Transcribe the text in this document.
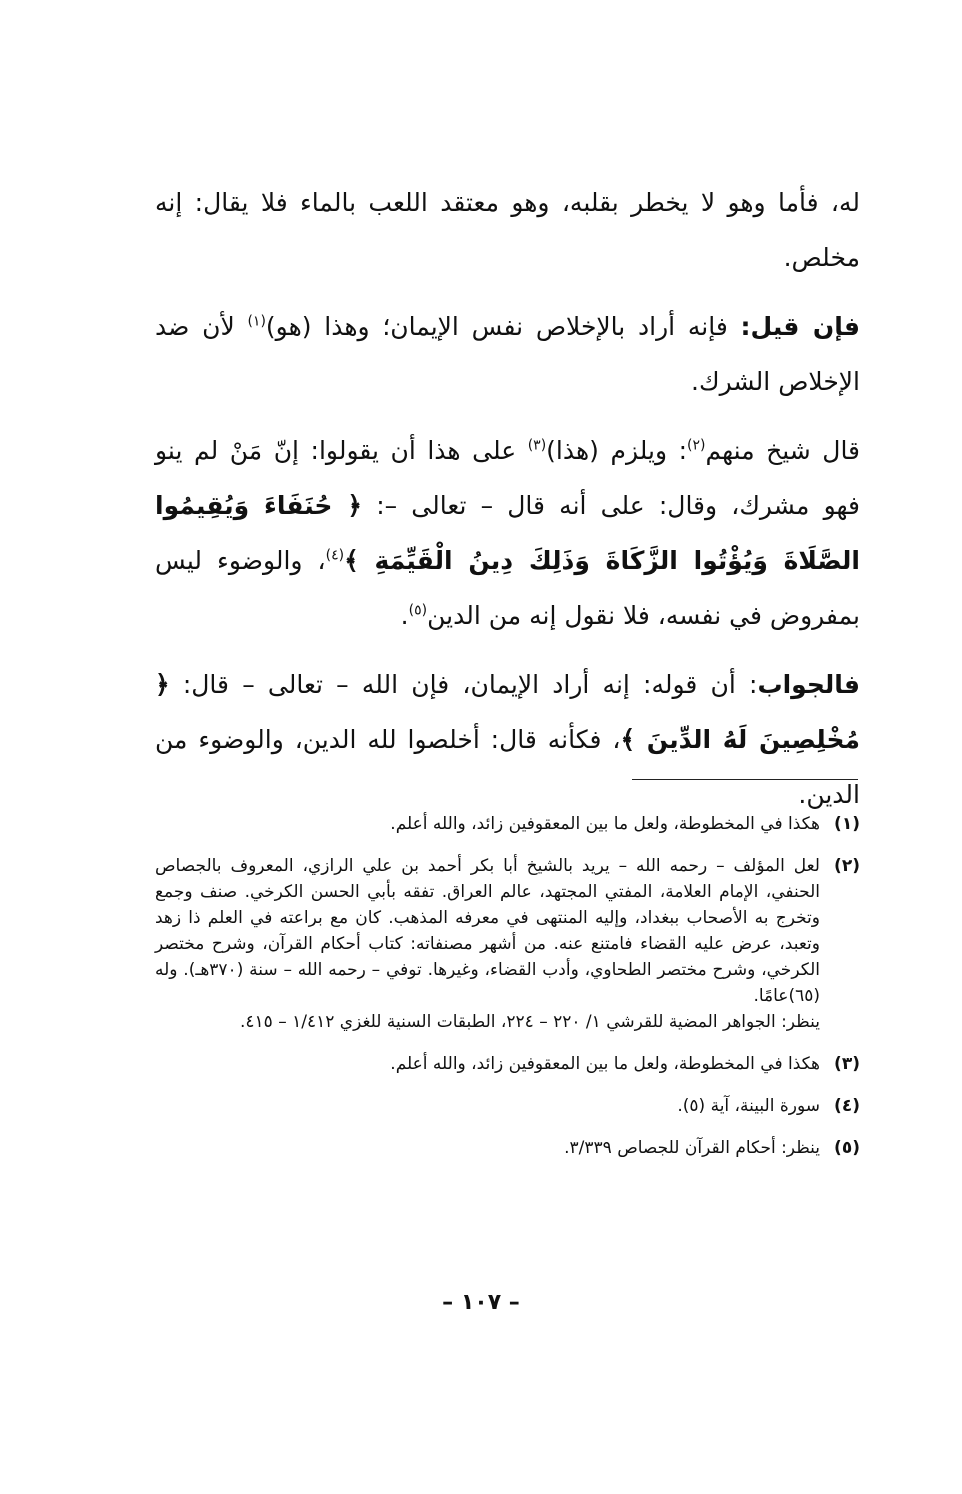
له، فأما وهو لا يخطر بقلبه، وهو معتقد اللعب بالماء فلا يقال: إنه مخلص.

فإن قيل: فإنه أراد بالإخلاص نفس الإيمان؛ وهذا (هو)$^{(١)}$ لأن ضد الإخلاص الشرك.

قال شيخ منهم$^{(٢)}$: ويلزم (هذا)$^{(٣)}$ على هذا أن يقولوا: إنّ مَنْ لم ينو فهو مشرك، وقال: على أنه قال – تعالى –: ﴿ حُنَفَاءَ وَيُقِيمُوا الصَّلَاةَ وَيُؤْتُوا الزَّكَاةَ وَذَلِكَ دِينُ الْقَيِّمَةِ ﴾$^{(٤)}$، والوضوء ليس بمفروض في نفسه، فلا نقول إنه من الدين$^{(٥)}$.

فالجواب: أن قوله: إنه أراد الإيمان، فإن الله – تعالى – قال: ﴿ مُخْلِصِينَ لَهُ الدِّينَ ﴾، فكأنه قال: أخلصوا لله الدين، والوضوء من الدين.

(١)
هكذا في المخطوطة، ولعل ما بين المعقوفين زائد، والله أعلم.
(٢)
لعل المؤلف – رحمه الله – يريد بالشيخ أبا بكر أحمد بن علي الرازي، المعروف بالجصاص الحنفي، الإمام العلامة، المفتي المجتهد، عالم العراق. تفقه بأبي الحسن الكرخي. صنف وجمع وتخرج به الأصحاب ببغداد، وإليه المنتهى في معرفه المذهب. كان مع براعته في العلم ذا زهد وتعبد، عرض عليه القضاء فامتنع عنه. من أشهر مصنفاته: كتاب أحكام القرآن، وشرح مختصر الكرخي، وشرح مختصر الطحاوي، وأدب القضاء، وغيرها. توفي – رحمه الله – سنة (٣٧٠هـ). وله (٦٥)عامًا.
ينظر: الجواهر المضية للقرشي ١/ ٢٢٠ – ٢٢٤، الطبقات السنية للغزي ١/٤١٢ – ٤١٥.
(٣)
هكذا في المخطوطة، ولعل ما بين المعقوفين زائد، والله أعلم.
(٤)
سورة البينة، آية (٥).
(٥)
ينظر: أحكام القرآن للجصاص ٣/٣٣٩.
– ١٠٧ –
